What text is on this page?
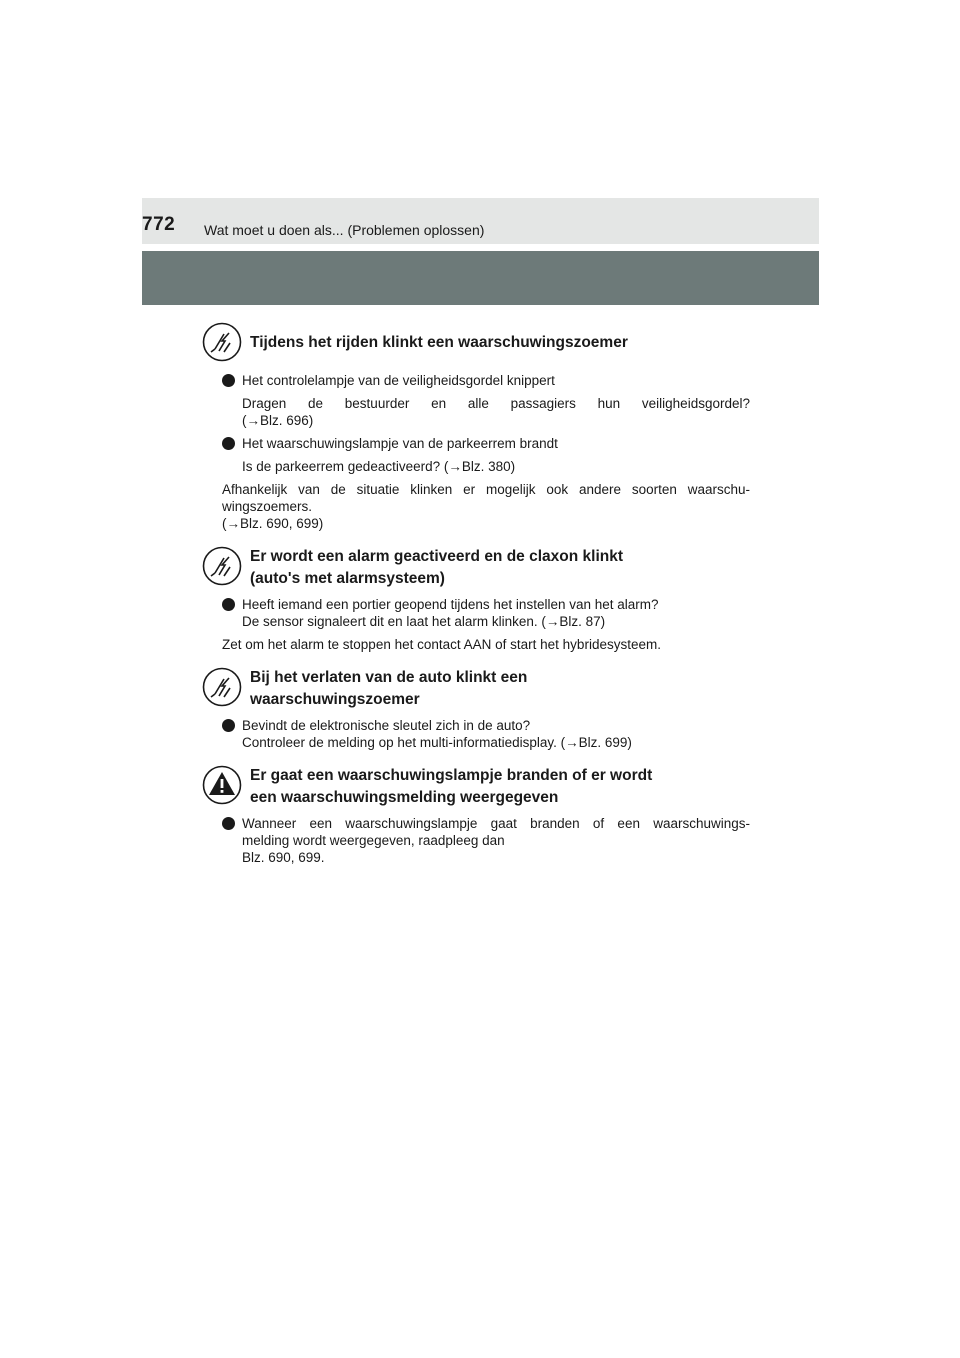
772 Wat moet u doen als... (Problemen oplossen)

Tijdens het rijden klinkt een waarschuwingszoemer

Het controlelampje van de veiligheidsgordel knippert
Dragen de bestuurder en alle passagiers hun veiligheidsgordel?
(→Blz. 696)
Het waarschuwingslampje van de parkeerrem brandt
Is de parkeerrem gedeactiveerd? (→Blz. 380)
Afhankelijk van de situatie klinken er mogelijk ook andere soorten waarschu-
wingszoemers.
(→Blz. 690, 699)

Er wordt een alarm geactiveerd en de claxon klinkt
(auto's met alarmsysteem)

Heeft iemand een portier geopend tijdens het instellen van het alarm?
De sensor signaleert dit en laat het alarm klinken. (→Blz. 87)
Zet om het alarm te stoppen het contact AAN of start het hybridesysteem.

Bij het verlaten van de auto klinkt een
waarschuwingszoemer

Bevindt de elektronische sleutel zich in de auto?
Controleer de melding op het multi-informatiedisplay. (→Blz. 699)

Er gaat een waarschuwingslampje branden of er wordt
een waarschuwingsmelding weergegeven

Wanneer een waarschuwingslampje gaat branden of een waarschuwings-
melding wordt weergegeven, raadpleeg dan
Blz. 690, 699.
